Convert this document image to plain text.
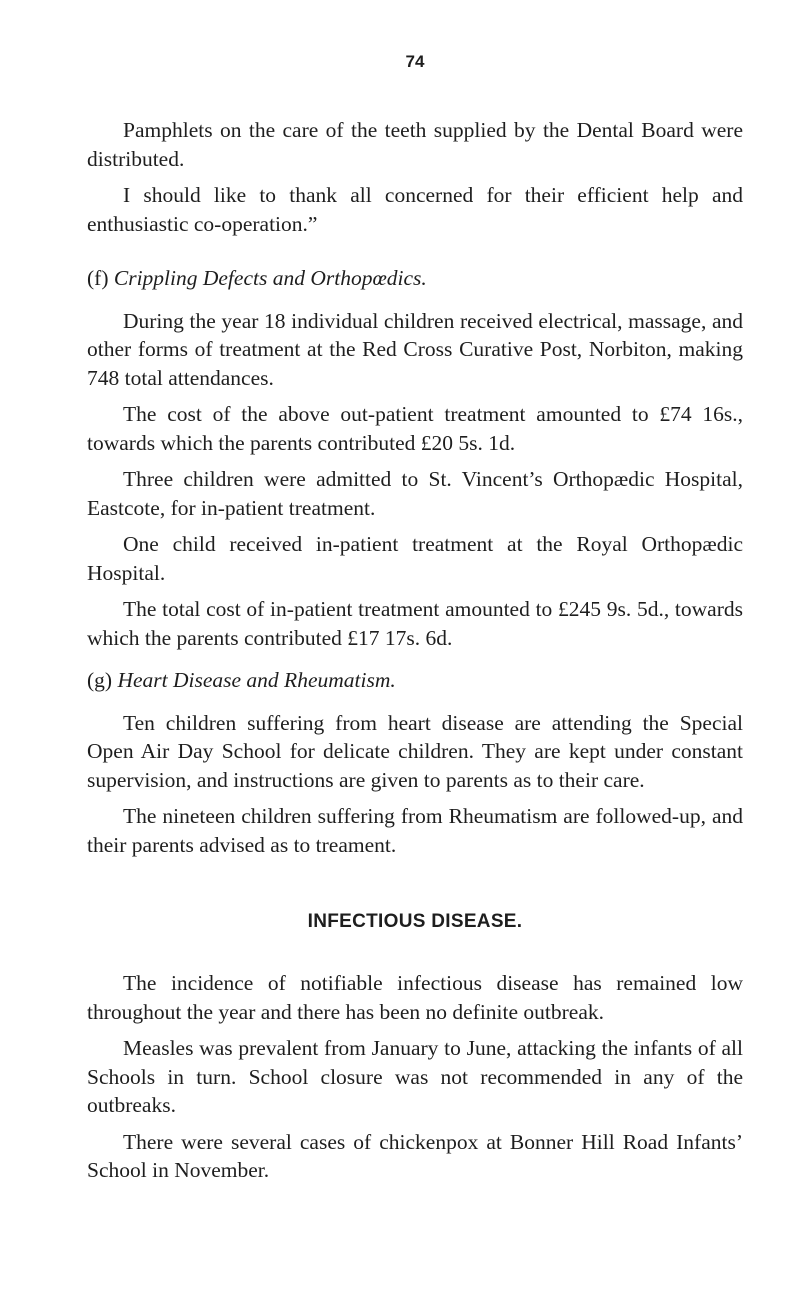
74

Pamphlets on the care of the teeth supplied by the Dental Board were distributed.

I should like to thank all concerned for their efficient help and enthusiastic co-operation.”

(f) Crippling Defects and Orthopœdics.

During the year 18 individual children received electrical, massage, and other forms of treatment at the Red Cross Curative Post, Norbiton, making 748 total attendances.

The cost of the above out-patient treatment amounted to £74 16s., towards which the parents contributed £20 5s. 1d.

Three children were admitted to St. Vincent’s Orthopædic Hospital, Eastcote, for in-patient treatment.

One child received in-patient treatment at the Royal Orthopædic Hospital.

The total cost of in-patient treatment amounted to £245 9s. 5d., towards which the parents contributed £17 17s. 6d.

(g) Heart Disease and Rheumatism.

Ten children suffering from heart disease are attending the Special Open Air Day School for delicate children. They are kept under constant supervision, and instructions are given to parents as to their care.

The nineteen children suffering from Rheumatism are followed-up, and their parents advised as to treament.

INFECTIOUS DISEASE.

The incidence of notifiable infectious disease has remained low throughout the year and there has been no definite outbreak.

Measles was prevalent from January to June, attacking the infants of all Schools in turn. School closure was not recommended in any of the outbreaks.

There were several cases of chickenpox at Bonner Hill Road Infants’ School in November.
